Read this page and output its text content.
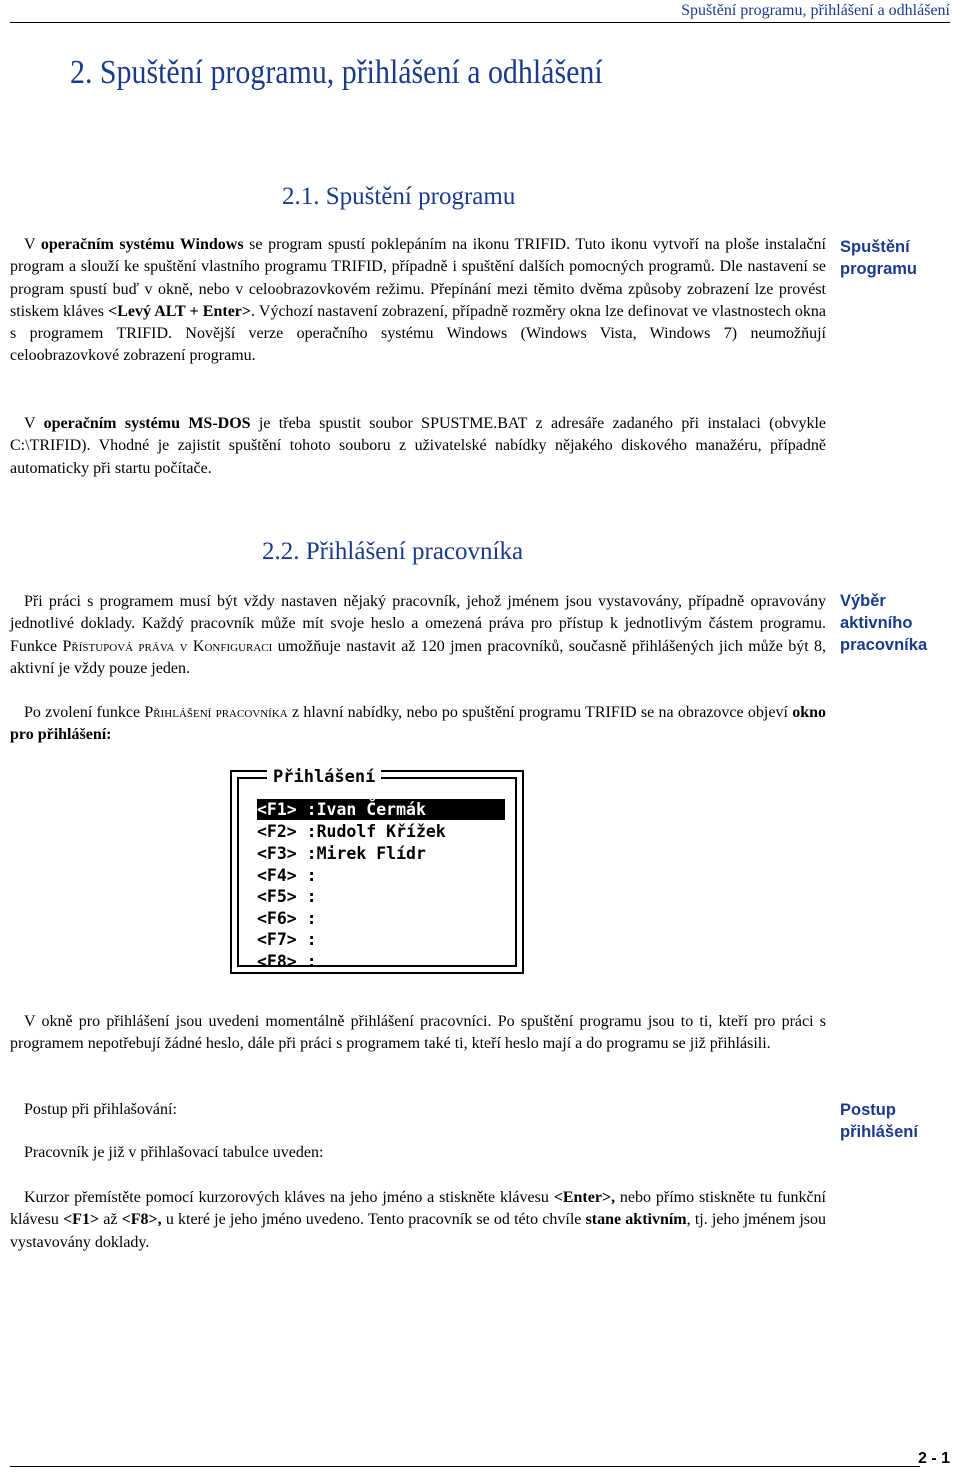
Spuštění programu, přihlášení a odhlášení
2. Spuštění programu, přihlášení a odhlášení
2.1. Spuštění programu

V operačním systému Windows se program spustí poklepáním na ikonu TRIFID. Tuto ikonu vytvoří na ploše instalační program a slouží ke spuštění vlastního programu TRIFID, případně i spuštění dalších pomocných programů. Dle nastavení se program spustí buď v okně, nebo v celoobrazovkovém režimu. Přepínání mezi těmito dvěma způsoby zobrazení lze provést stiskem kláves <Levý ALT + Enter>. Výchozí nastavení zobrazení, případně rozměry okna lze definovat ve vlastnostech okna s programem TRIFID. Novější verze operačního systému Windows (Windows Vista, Windows 7) neumožňují celoobrazovkové zobrazení programu.

Spuštění
programu

V operačním systému MS-DOS je třeba spustit soubor SPUSTME.BAT z adresáře zadaného při instalaci (obvykle C:\TRIFID). Vhodné je zajistit spuštění tohoto souboru z uživatelské nabídky nějakého diskového manažéru, případně automaticky při startu počítače.

2.2. Přihlášení pracovníka

Při práci s programem musí být vždy nastaven nějaký pracovník, jehož jménem jsou vystavovány, případně opravovány jednotlivé doklady. Každý pracovník může mít svoje heslo a omezená práva pro přístup k jednotlivým částem programu. Funkce Přístupová práva v Konfiguraci umožňuje nastavit až 120 jmen pracovníků, současně přihlášených jich může být 8, aktivní je vždy pouze jeden.

Výběr
aktivního
pracovníka

Po zvolení funkce Přihlášení pracovníka z hlavní nabídky, nebo po spuštění programu TRIFID se na obrazovce objeví okno pro přihlášení:

Přihlášení
<F1> :Ivan Čermák
<F2> :Rudolf Křížek
<F3> :Mirek Flídr
<F4> :
<F5> :
<F6> :
<F7> :
<F8> :

V okně pro přihlášení jsou uvedeni momentálně přihlášení pracovníci. Po spuštění programu jsou to ti, kteří pro práci s programem nepotřebují žádné heslo, dále při práci s programem také ti, kteří heslo mají a do programu se již přihlásili.

Postup při přihlašování:	Postup
přihlášení

Pracovník je již v přihlašovací tabulce uveden:

Kurzor přemístěte pomocí kurzorových kláves na jeho jméno a stiskněte klávesu <Enter>, nebo přímo stiskněte tu funkční klávesu <F1> až <F8>, u které je jeho jméno uvedeno. Tento pracovník se od této chvíle stane aktivním, tj. jeho jménem jsou vystavovány doklady.

2 - 1
